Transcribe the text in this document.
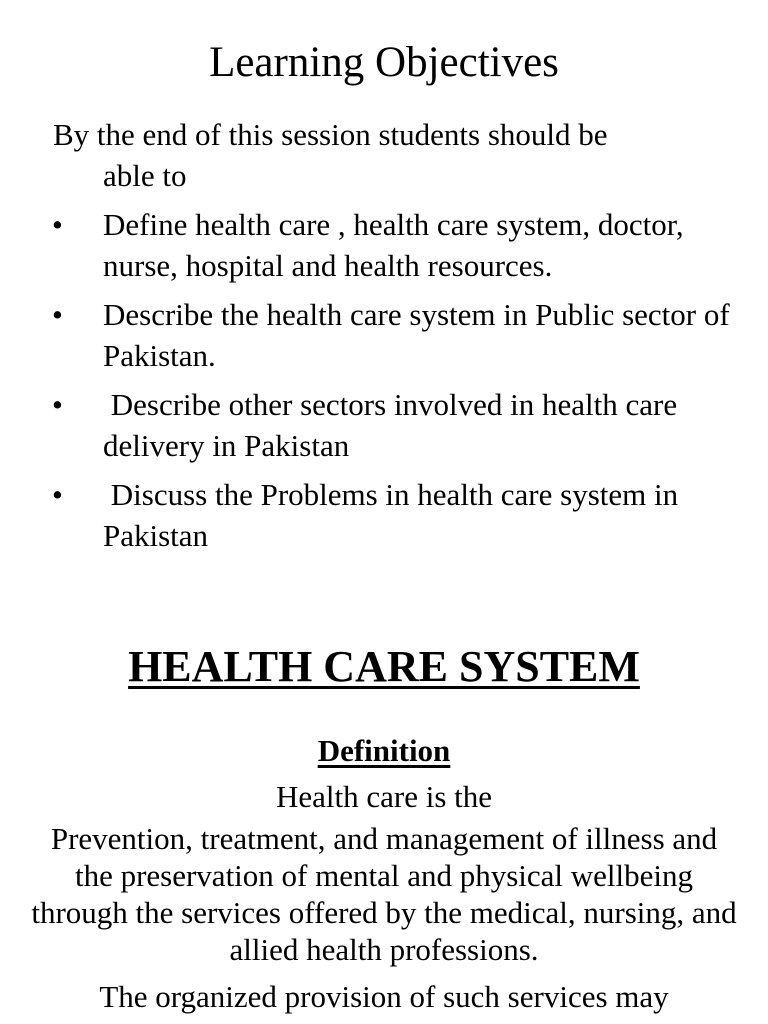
Learning Objectives

By the end of this session students should be
able to

• Define health care , health care system, doctor, nurse, hospital and health resources.
• Describe the health care system in Public sector of Pakistan.
• Describe other sectors involved in health care delivery in Pakistan
• Discuss the Problems in health care system in Pakistan
HEALTH CARE SYSTEM
Definition

Health care is the

Prevention, treatment, and management of illness and the preservation of mental and physical wellbeing through the services offered by the medical, nursing, and allied health professions.

The organized provision of such services may
